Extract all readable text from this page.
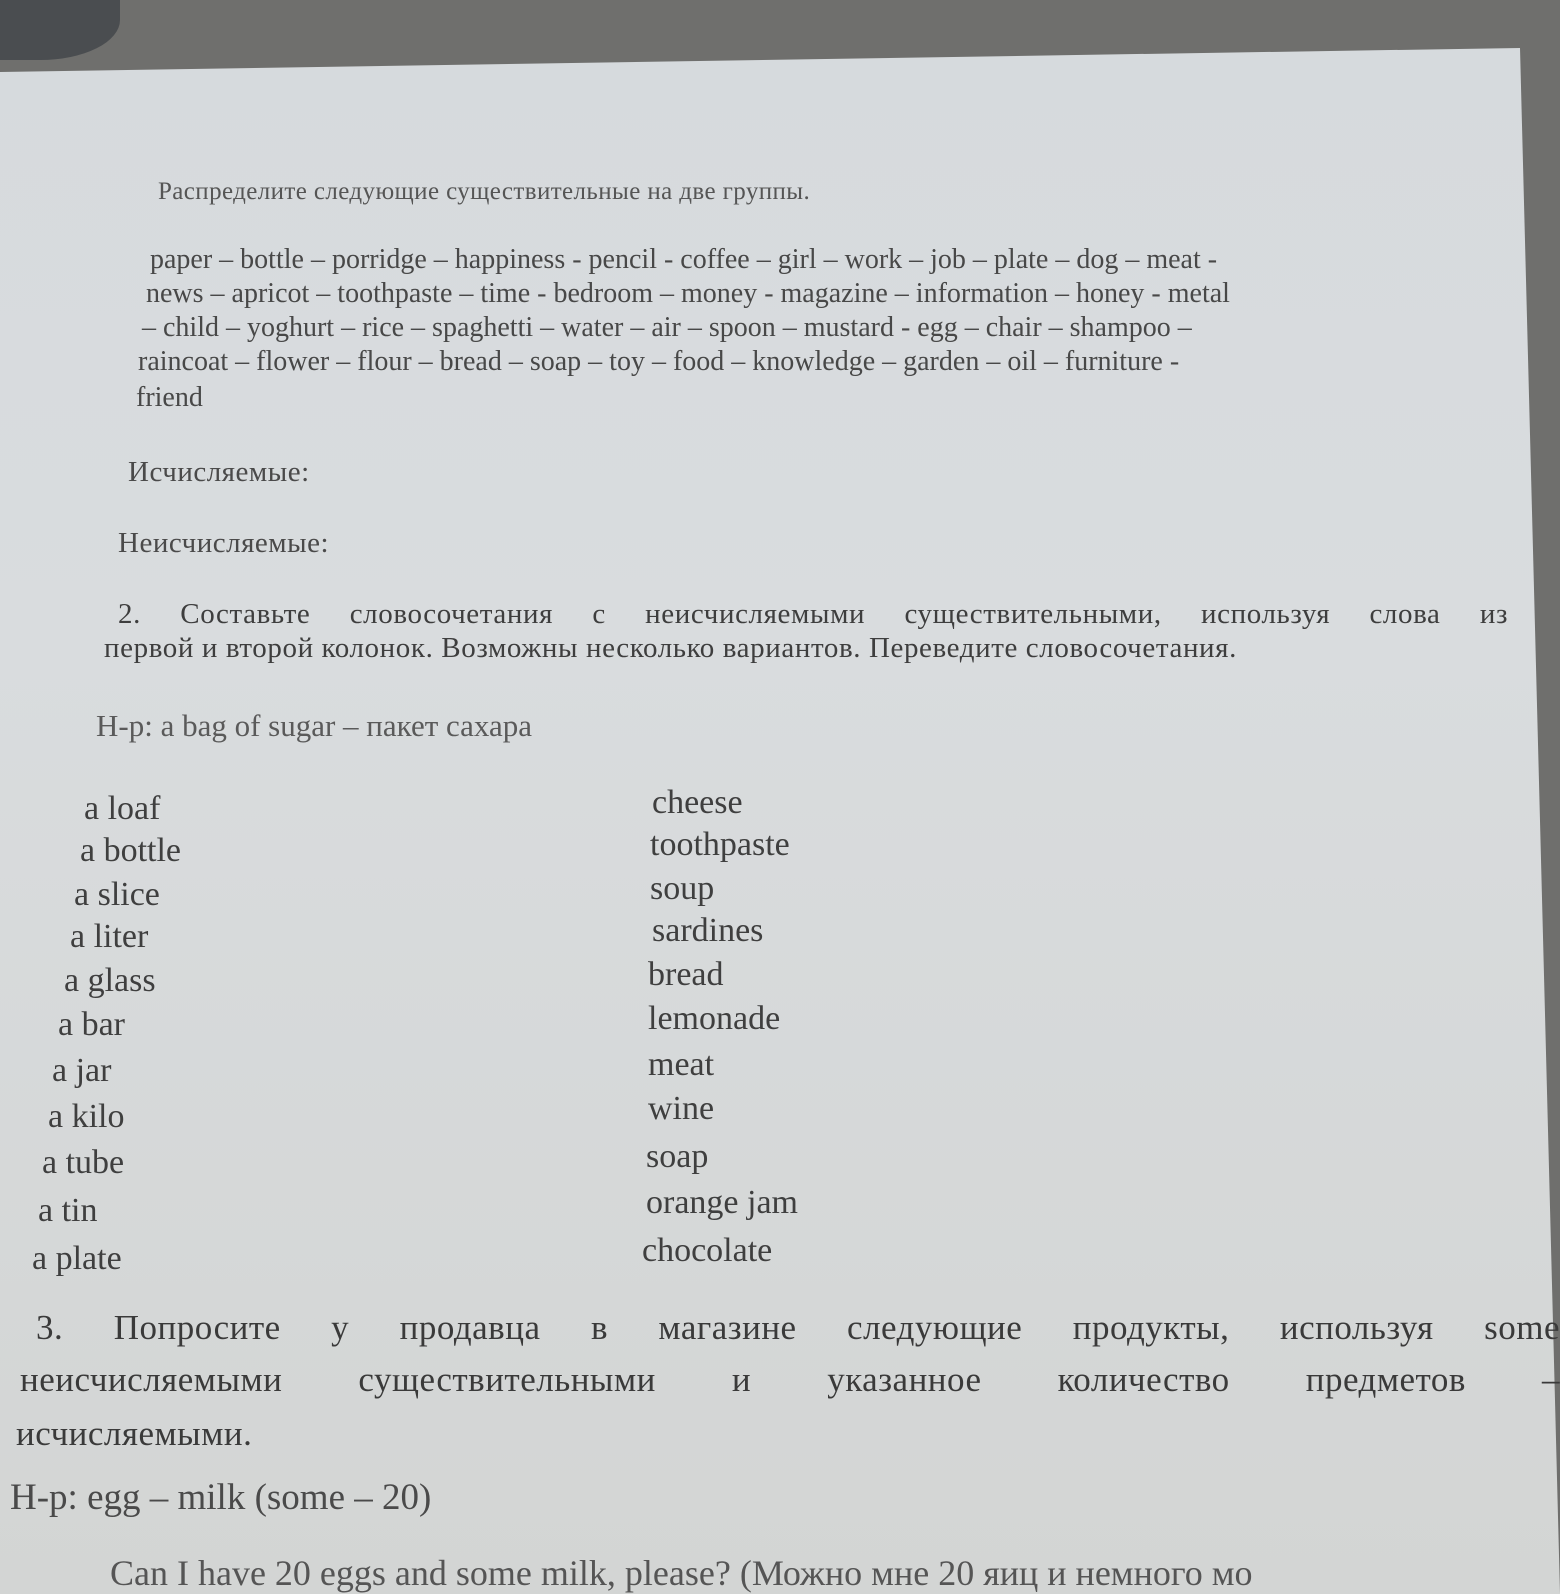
Распределите следующие существительные на две группы.
paper – bottle – porridge – happiness - pencil - coffee – girl – work – job – plate – dog – meat -
news – apricot – toothpaste – time - bedroom – money - magazine – information – honey - metal
– child – yoghurt – rice – spaghetti – water – air – spoon – mustard - egg – chair – shampoo –
raincoat – flower – flour – bread – soap – toy – food – knowledge – garden – oil – furniture -
friend
Исчисляемые:
Неисчисляемые:
2. Составьте словосочетания с неисчисляемыми существительными, используя слова из
первой и второй колонок. Возможны несколько вариантов. Переведите словосочетания.
Н-р: a bag of sugar – пакет сахара
a loaf
a bottle
a slice
a liter
a glass
a bar
a jar
a kilo
a tube
a tin
a plate
cheese
toothpaste
soup
sardines
bread
lemonade
meat
wine
soap
orange jam
chocolate
3. Попросите у продавца в магазине следующие продукты, используя some
неисчисляемыми существительными и указанное количество предметов –
исчисляемыми.
Н-р: egg – milk (some – 20)
Can I have 20 eggs and some milk, please? (Можно мне 20 яиц и немного мо
